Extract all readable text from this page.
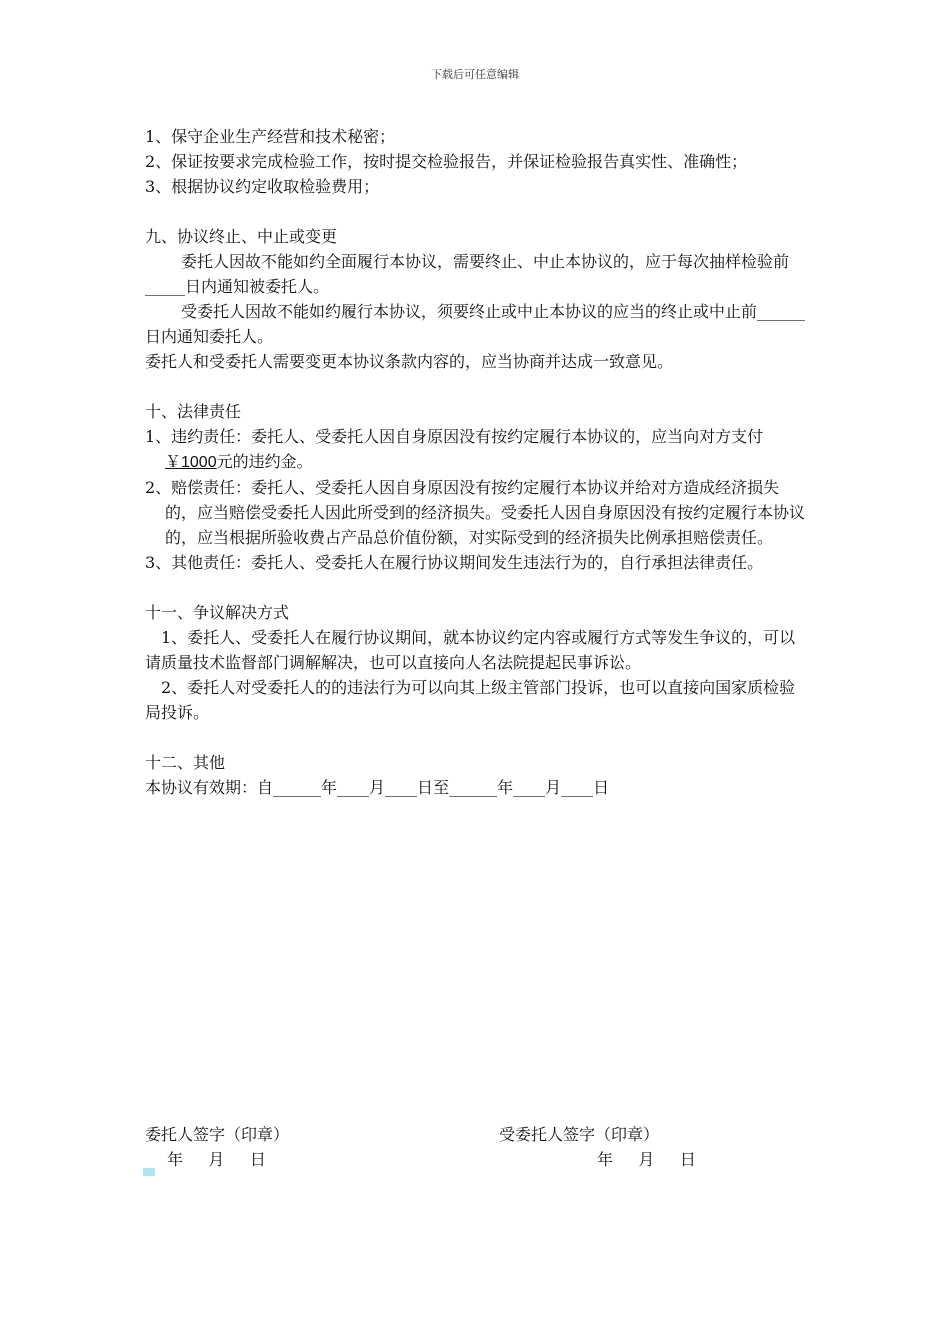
下载后可任意编辑

1、保守企业生产经营和技术秘密；

2、保证按要求完成检验工作，按时提交检验报告，并保证检验报告真实性、准确性；

3、根据协议约定收取检验费用；

九、协议终止、中止或变更

委托人因故不能如约全面履行本协议，需要终止、中止本协议的，应于每次抽样检验前_____日内通知被委托人。

受委托人因故不能如约履行本协议，须要终止或中止本协议的应当的终止或中止前______日内通知委托人。

委托人和受委托人需要变更本协议条款内容的，应当协商并达成一致意见。

十、法律责任

1、违约责任：委托人、受委托人因自身原因没有按约定履行本协议的，应当向对方支付￥1000元的违约金。

2、赔偿责任：委托人、受委托人因自身原因没有按约定履行本协议并给对方造成经济损失的，应当赔偿受委托人因此所受到的经济损失。受委托人因自身原因没有按约定履行本协议的，应当根据所验收费占产品总价值份额，对实际受到的经济损失比例承担赔偿责任。

3、其他责任：委托人、受委托人在履行协议期间发生违法行为的，自行承担法律责任。

十一、争议解决方式

1、委托人、受委托人在履行协议期间，就本协议约定内容或履行方式等发生争议的，可以请质量技术监督部门调解解决，也可以直接向人名法院提起民事诉讼。

2、委托人对受委托人的的违法行为可以向其上级主管部门投诉，也可以直接向国家质检验局投诉。

十二、其他

本协议有效期：自______年____月____日至______年____月____日

委托人签字（印章）	受委托人签字（印章）
年     月     日	年     月     日
